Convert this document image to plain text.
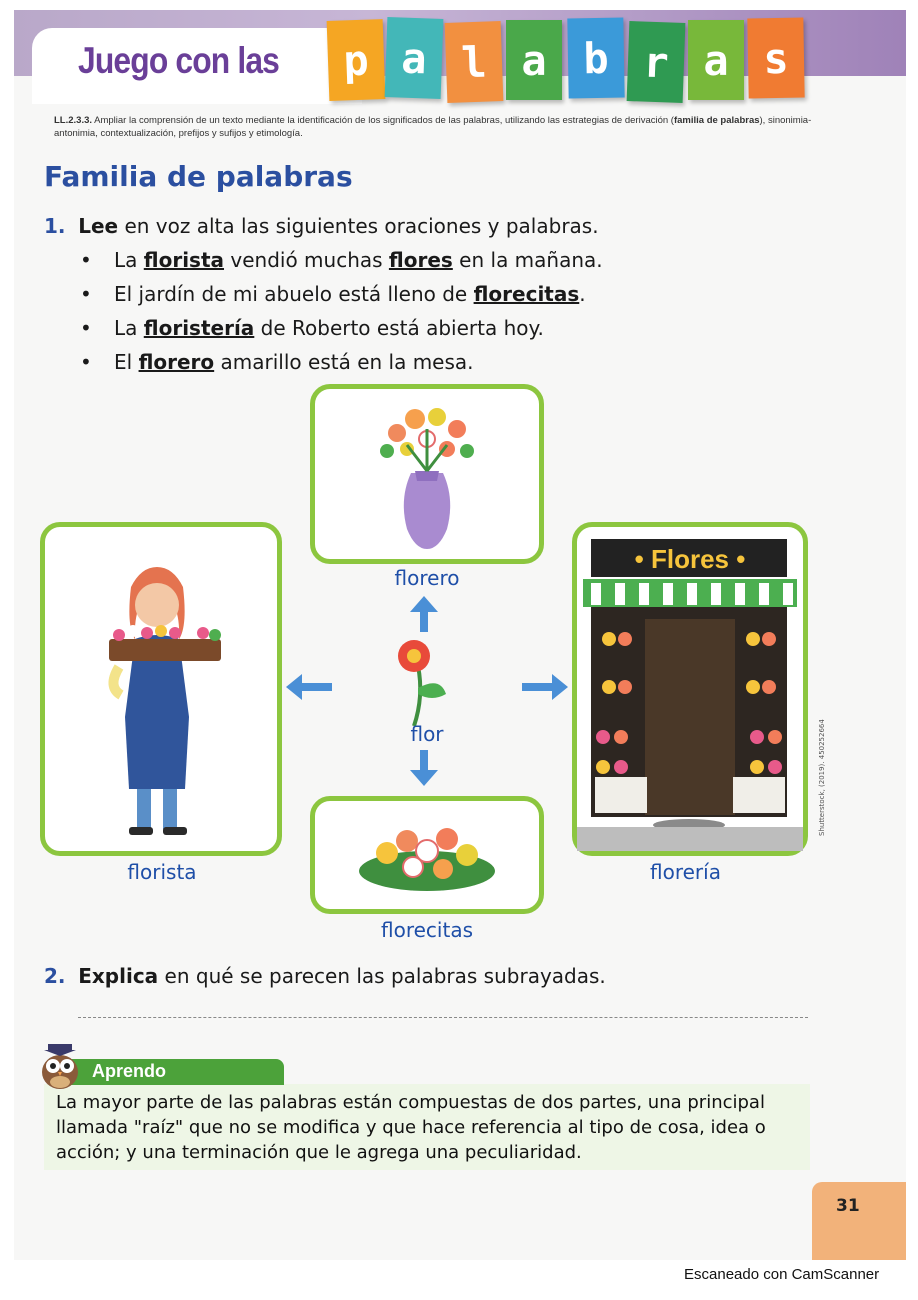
Juego con las p a l a b r a s
LL.2.3.3. Ampliar la comprensión de un texto mediante la identificación de los significados de las palabras, utilizando las estrategias de derivación (familia de palabras), sinonimia-antonimia, contextualización, prefijos y sufijos y etimología.
Familia de palabras
1. Lee en voz alta las siguientes oraciones y palabras.
• La florista vendió muchas flores en la mañana.
• El jardín de mi abuelo está lleno de florecitas.
• La floristería de Roberto está abierta hoy.
• El florero amarillo está en la mesa.
florero
florista	florería
• Flores •
florecitas
flor	Shutterstock, (2019). 450252664
2. Explica en qué se parecen las palabras subrayadas.
Aprendo
La mayor parte de las palabras están compuestas de dos partes, una principal llamada "raíz" que no se modifica y que hace referencia al tipo de cosa, idea o acción; y una terminación que le agrega una peculiaridad.
31
Escaneado con CamScanner
